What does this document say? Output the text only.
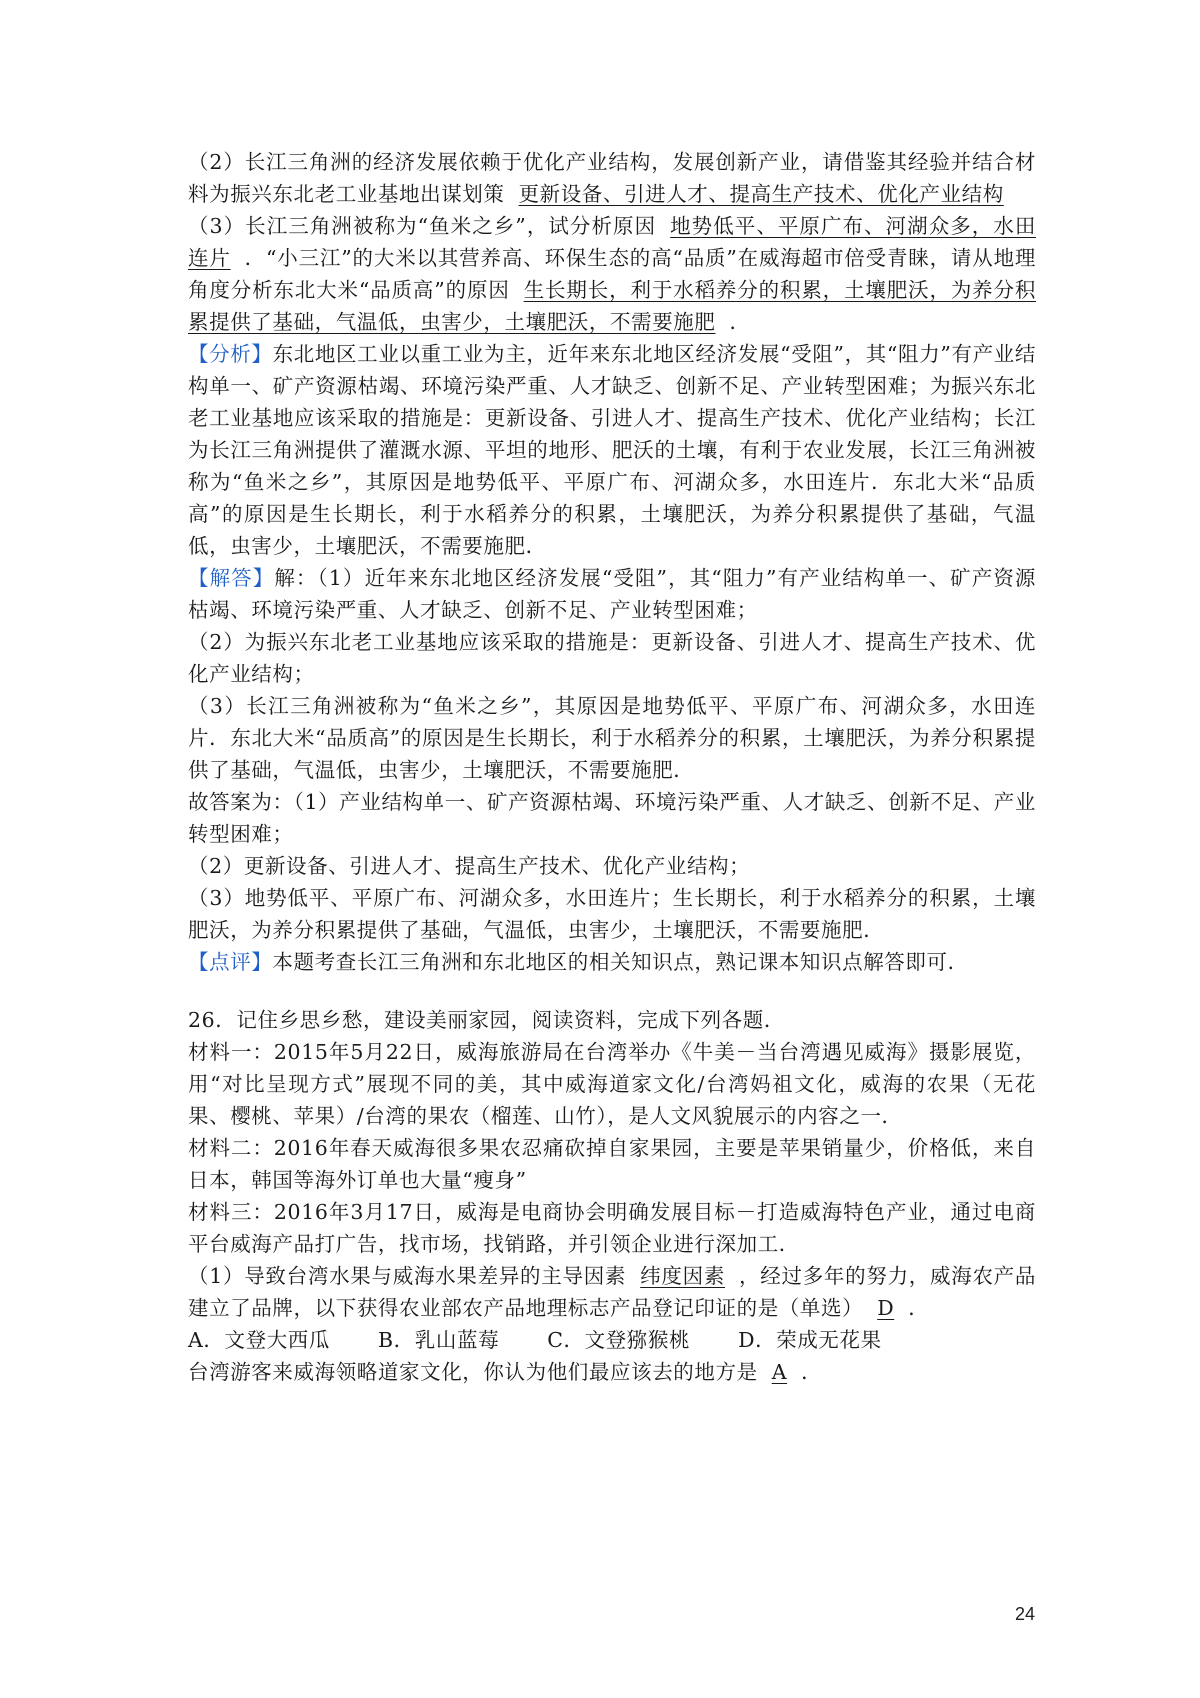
（2）长江三角洲的经济发展依赖于优化产业结构，发展创新产业，请借鉴其经验并结合材料为振兴东北老工业基地出谋划策 更新设备、引进人才、提高生产技术、优化产业结构

（3）长江三角洲被称为“鱼米之乡”，试分析原因 地势低平、平原广布、河湖众多，水田连片 ．“小三江”的大米以其营养高、环保生态的高“品质”在威海超市倍受青睐，请从地理角度分析东北大米“品质高”的原因 生长期长，利于水稻养分的积累，土壤肥沃，为养分积累提供了基础，气温低，虫害少，土壤肥沃，不需要施肥 ．

【分析】东北地区工业以重工业为主，近年来东北地区经济发展“受阻”，其“阻力”有产业结构单一、矿产资源枯竭、环境污染严重、人才缺乏、创新不足、产业转型困难；为振兴东北老工业基地应该采取的措施是：更新设备、引进人才、提高生产技术、优化产业结构；长江为长江三角洲提供了灌溉水源、平坦的地形、肥沃的土壤，有利于农业发展，长江三角洲被称为“鱼米之乡”，其原因是地势低平、平原广布、河湖众多，水田连片．东北大米“品质高”的原因是生长期长，利于水稻养分的积累，土壤肥沃，为养分积累提供了基础，气温低，虫害少，土壤肥沃，不需要施肥．

【解答】解：（1）近年来东北地区经济发展“受阻”，其“阻力”有产业结构单一、矿产资源枯竭、环境污染严重、人才缺乏、创新不足、产业转型困难；

（2）为振兴东北老工业基地应该采取的措施是：更新设备、引进人才、提高生产技术、优化产业结构；

（3）长江三角洲被称为“鱼米之乡”，其原因是地势低平、平原广布、河湖众多，水田连片．东北大米“品质高”的原因是生长期长，利于水稻养分的积累，土壤肥沃，为养分积累提供了基础，气温低，虫害少，土壤肥沃，不需要施肥．

故答案为：（1）产业结构单一、矿产资源枯竭、环境污染严重、人才缺乏、创新不足、产业转型困难；

（2）更新设备、引进人才、提高生产技术、优化产业结构；

（3）地势低平、平原广布、河湖众多，水田连片；生长期长，利于水稻养分的积累，土壤肥沃，为养分积累提供了基础，气温低，虫害少，土壤肥沃，不需要施肥．

【点评】本题考查长江三角洲和东北地区的相关知识点，熟记课本知识点解答即可．

26．记住乡思乡愁，建设美丽家园，阅读资料，完成下列各题．

材料一：2015年5月22日，威海旅游局在台湾举办《牛美－当台湾遇见威海》摄影展览，用“对比呈现方式”展现不同的美，其中威海道家文化/台湾妈祖文化，威海的农果（无花果、樱桃、苹果）/台湾的果农（榴莲、山竹），是人文风貌展示的内容之一．

材料二：2016年春天威海很多果农忍痛砍掉自家果园，主要是苹果销量少，价格低，来自日本，韩国等海外订单也大量“瘦身”

材料三：2016年3月17日，威海是电商协会明确发展目标－打造威海特色产业，通过电商平台威海产品打广告，找市场，找销路，并引领企业进行深加工．

（1）导致台湾水果与威海水果差异的主导因素 纬度因素 ，经过多年的努力，威海农产品建立了品牌，以下获得农业部农产品地理标志产品登记印证的是（单选） D ．

A．文登大西瓜 B．乳山蓝莓 C．文登猕猴桃 D．荣成无花果

台湾游客来威海领略道家文化，你认为他们最应该去的地方是 A ．

24
